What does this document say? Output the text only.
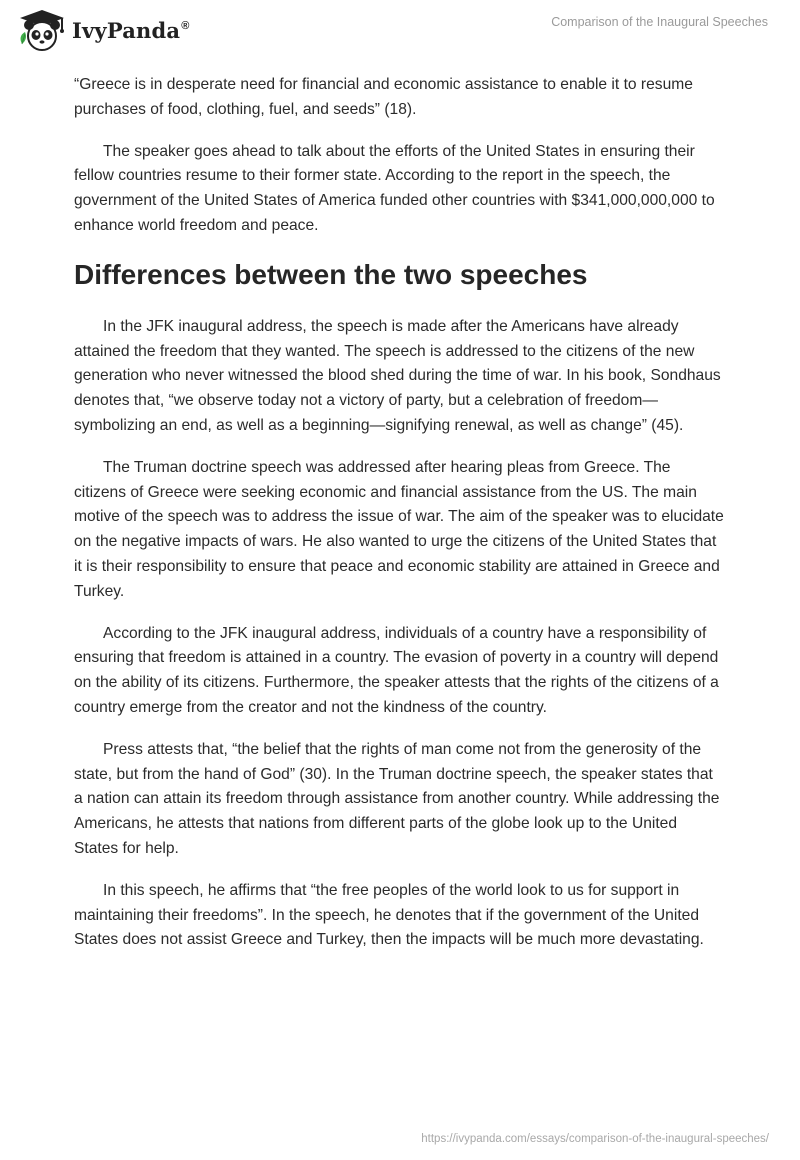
IvyPanda®	Comparison of the Inaugural Speeches

“Greece is in desperate need for financial and economic assistance to enable it to resume purchases of food, clothing, fuel, and seeds” (18).

The speaker goes ahead to talk about the efforts of the United States in ensuring their fellow countries resume to their former state. According to the report in the speech, the government of the United States of America funded other countries with $341,000,000,000 to enhance world freedom and peace.

Differences between the two speeches

In the JFK inaugural address, the speech is made after the Americans have already attained the freedom that they wanted. The speech is addressed to the citizens of the new generation who never witnessed the blood shed during the time of war. In his book, Sondhaus denotes that, “we observe today not a victory of party, but a celebration of freedom—symbolizing an end, as well as a beginning—signifying renewal, as well as change” (45).

The Truman doctrine speech was addressed after hearing pleas from Greece. The citizens of Greece were seeking economic and financial assistance from the US. The main motive of the speech was to address the issue of war. The aim of the speaker was to elucidate on the negative impacts of wars. He also wanted to urge the citizens of the United States that it is their responsibility to ensure that peace and economic stability are attained in Greece and Turkey.

According to the JFK inaugural address, individuals of a country have a responsibility of ensuring that freedom is attained in a country. The evasion of poverty in a country will depend on the ability of its citizens. Furthermore, the speaker attests that the rights of the citizens of a country emerge from the creator and not the kindness of the country.

Press attests that, “the belief that the rights of man come not from the generosity of the state, but from the hand of God” (30). In the Truman doctrine speech, the speaker states that a nation can attain its freedom through assistance from another country. While addressing the Americans, he attests that nations from different parts of the globe look up to the United States for help.

In this speech, he affirms that “the free peoples of the world look to us for support in maintaining their freedoms”. In the speech, he denotes that if the government of the United States does not assist Greece and Turkey, then the impacts will be much more devastating.

https://ivypanda.com/essays/comparison-of-the-inaugural-speeches/
